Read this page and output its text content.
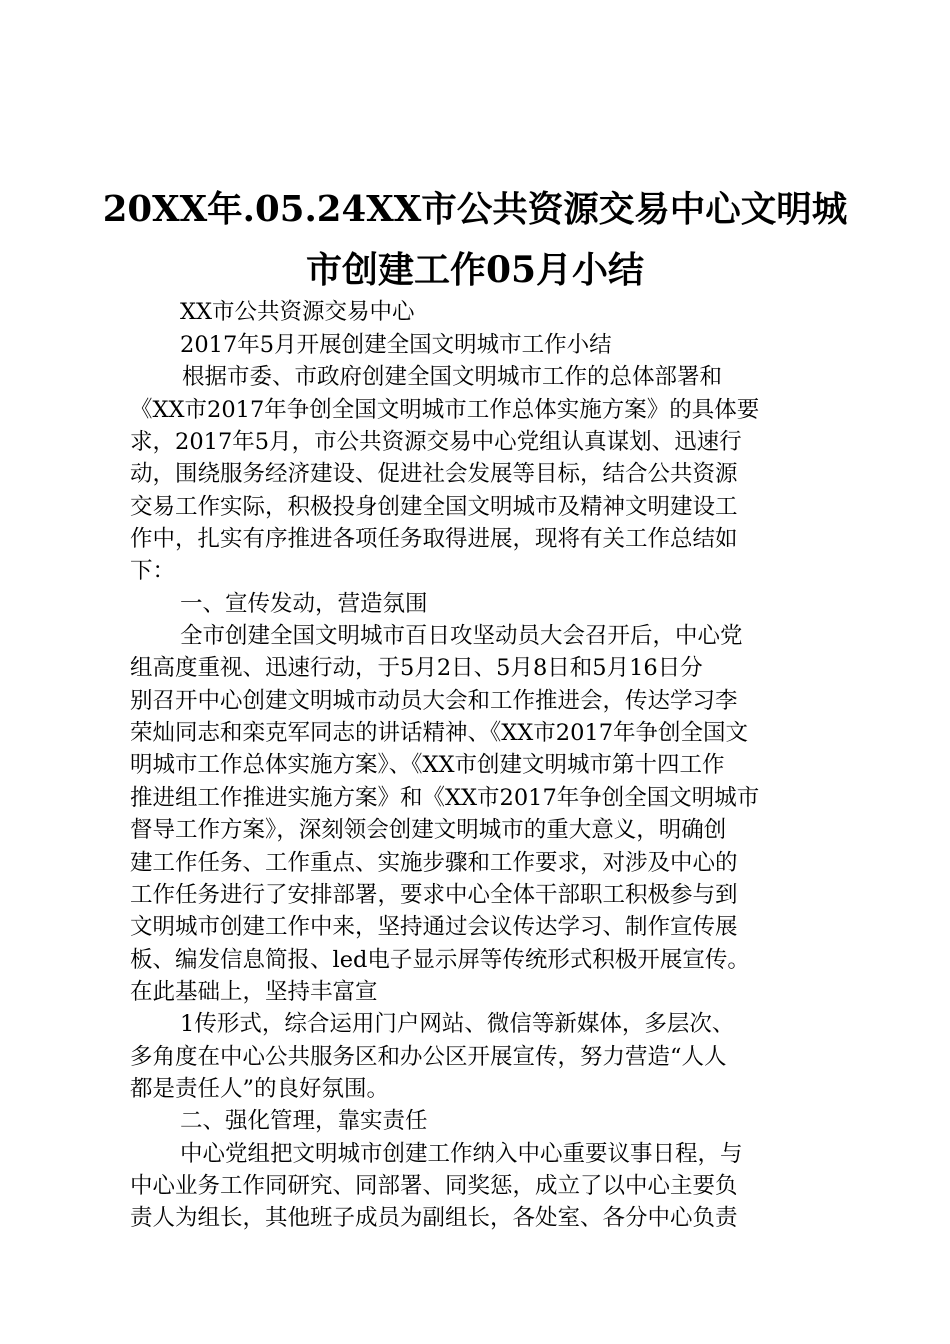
20XX年.05.24XX市公共资源交易中心文明城
市创建工作05月小结
XX市公共资源交易中心
2017年5月开展创建全国文明城市工作小结
根据市委、市政府创建全国文明城市工作的总体部署和
《XX市2017年争创全国文明城市工作总体实施方案》的具体要
求，2017年5月，市公共资源交易中心党组认真谋划、迅速行
动，围绕服务经济建设、促进社会发展等目标，结合公共资源
交易工作实际，积极投身创建全国文明城市及精神文明建设工
作中，扎实有序推进各项任务取得进展，现将有关工作总结如
下：
一、宣传发动，营造氛围
全市创建全国文明城市百日攻坚动员大会召开后，中心党
组高度重视、迅速行动，于5月2日、5月8日和5月16日分
别召开中心创建文明城市动员大会和工作推进会，传达学习李
荣灿同志和栾克军同志的讲话精神、《XX市2017年争创全国文
明城市工作总体实施方案》、《XX市创建文明城市第十四工作
推进组工作推进实施方案》和《XX市2017年争创全国文明城市
督导工作方案》，深刻领会创建文明城市的重大意义，明确创
建工作任务、工作重点、实施步骤和工作要求，对涉及中心的
工作任务进行了安排部署，要求中心全体干部职工积极参与到
文明城市创建工作中来，坚持通过会议传达学习、制作宣传展
板、编发信息简报、led电子显示屏等传统形式积极开展宣传。
在此基础上，坚持丰富宣
1传形式，综合运用门户网站、微信等新媒体，多层次、
多角度在中心公共服务区和办公区开展宣传，努力营造“人人
都是责任人”的良好氛围。
二、强化管理，靠实责任
中心党组把文明城市创建工作纳入中心重要议事日程，与
中心业务工作同研究、同部署、同奖惩，成立了以中心主要负
责人为组长，其他班子成员为副组长，各处室、各分中心负责
